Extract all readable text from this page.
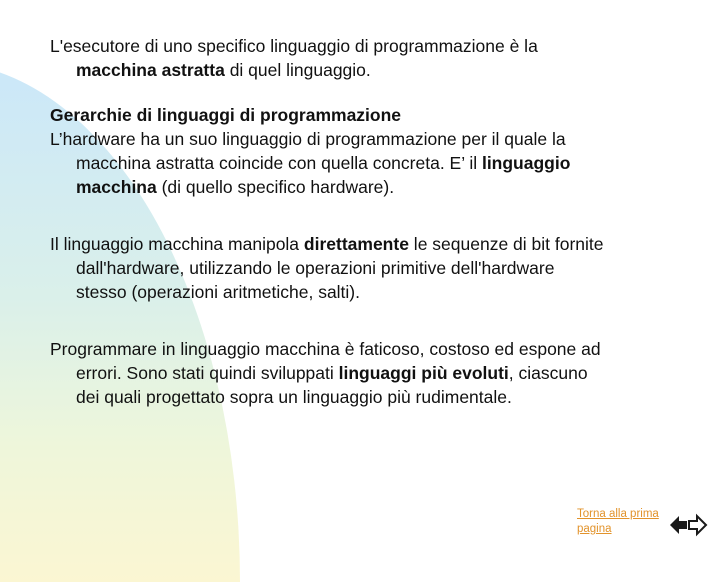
L'esecutore di uno specifico linguaggio di programmazione è la
macchina astratta di quel linguaggio.
Gerarchie di linguaggi di programmazione
L’hardware ha un suo linguaggio di programmazione per il quale la
macchina astratta coincide con quella concreta. E’ il linguaggio
macchina (di quello specifico hardware).
Il linguaggio macchina manipola direttamente le sequenze di bit fornite
dall'hardware, utilizzando le operazioni primitive dell'hardware
stesso (operazioni aritmetiche, salti).
Programmare in linguaggio macchina è faticoso, costoso ed espone ad
errori. Sono stati quindi sviluppati linguaggi più evoluti, ciascuno
dei quali progettato sopra un linguaggio più rudimentale.
Torna alla prima
pagina
